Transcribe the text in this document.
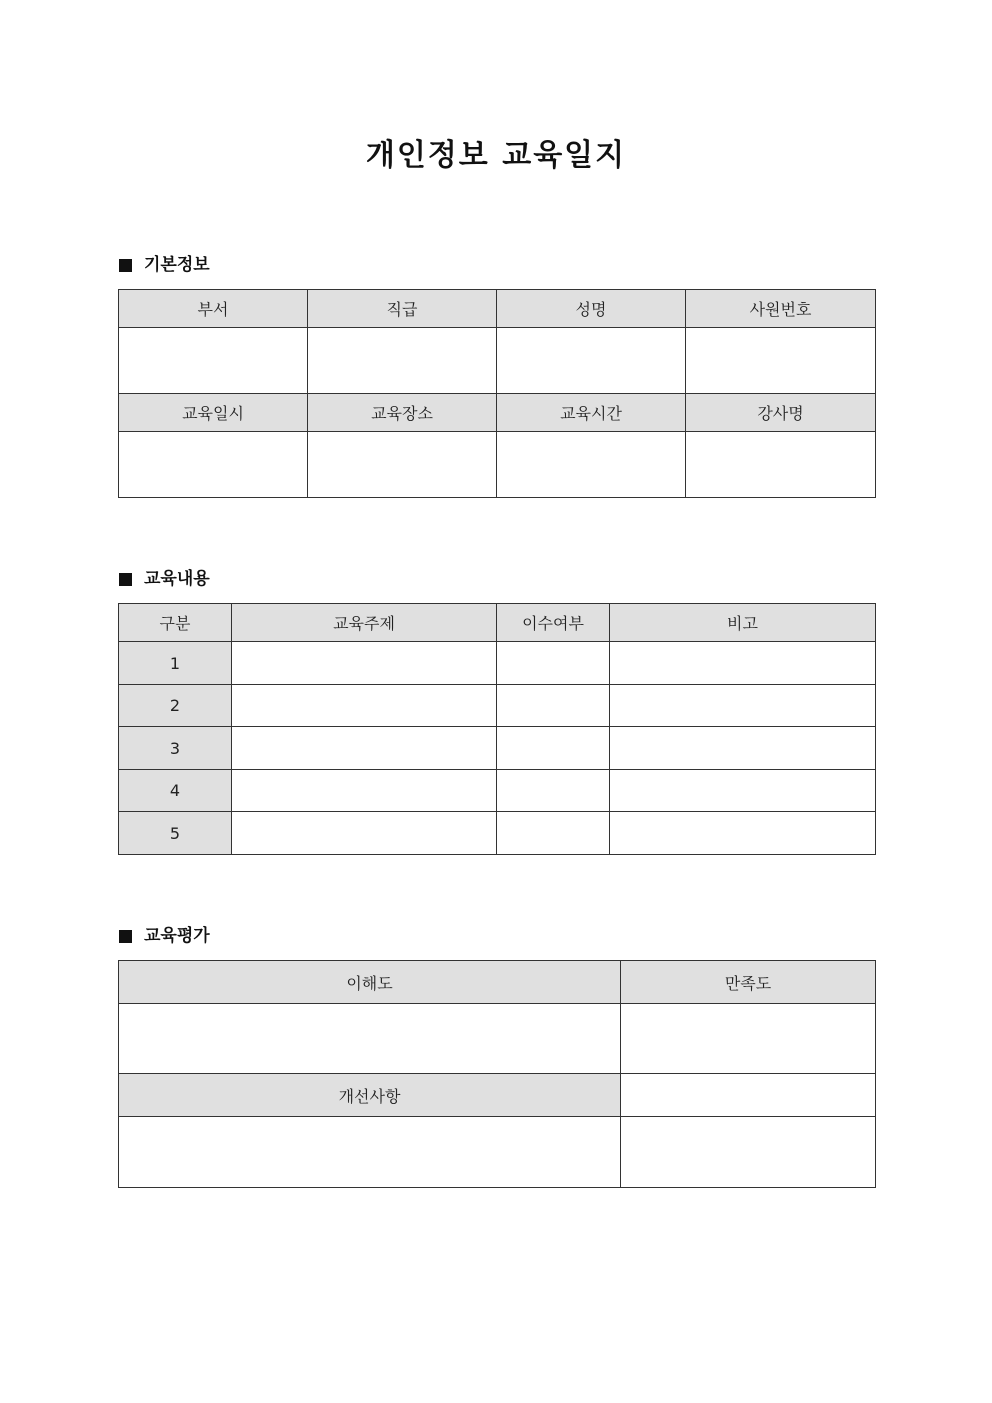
개인정보 교육일지
기본정보
부서	직급	성명	사원번호

교육일시	교육장소	교육시간	강사명

교육내용
구분	교육주제	이수여부	비고
1			
2			
3			
4			
5			
교육평가
이해도	만족도

개선사항	
